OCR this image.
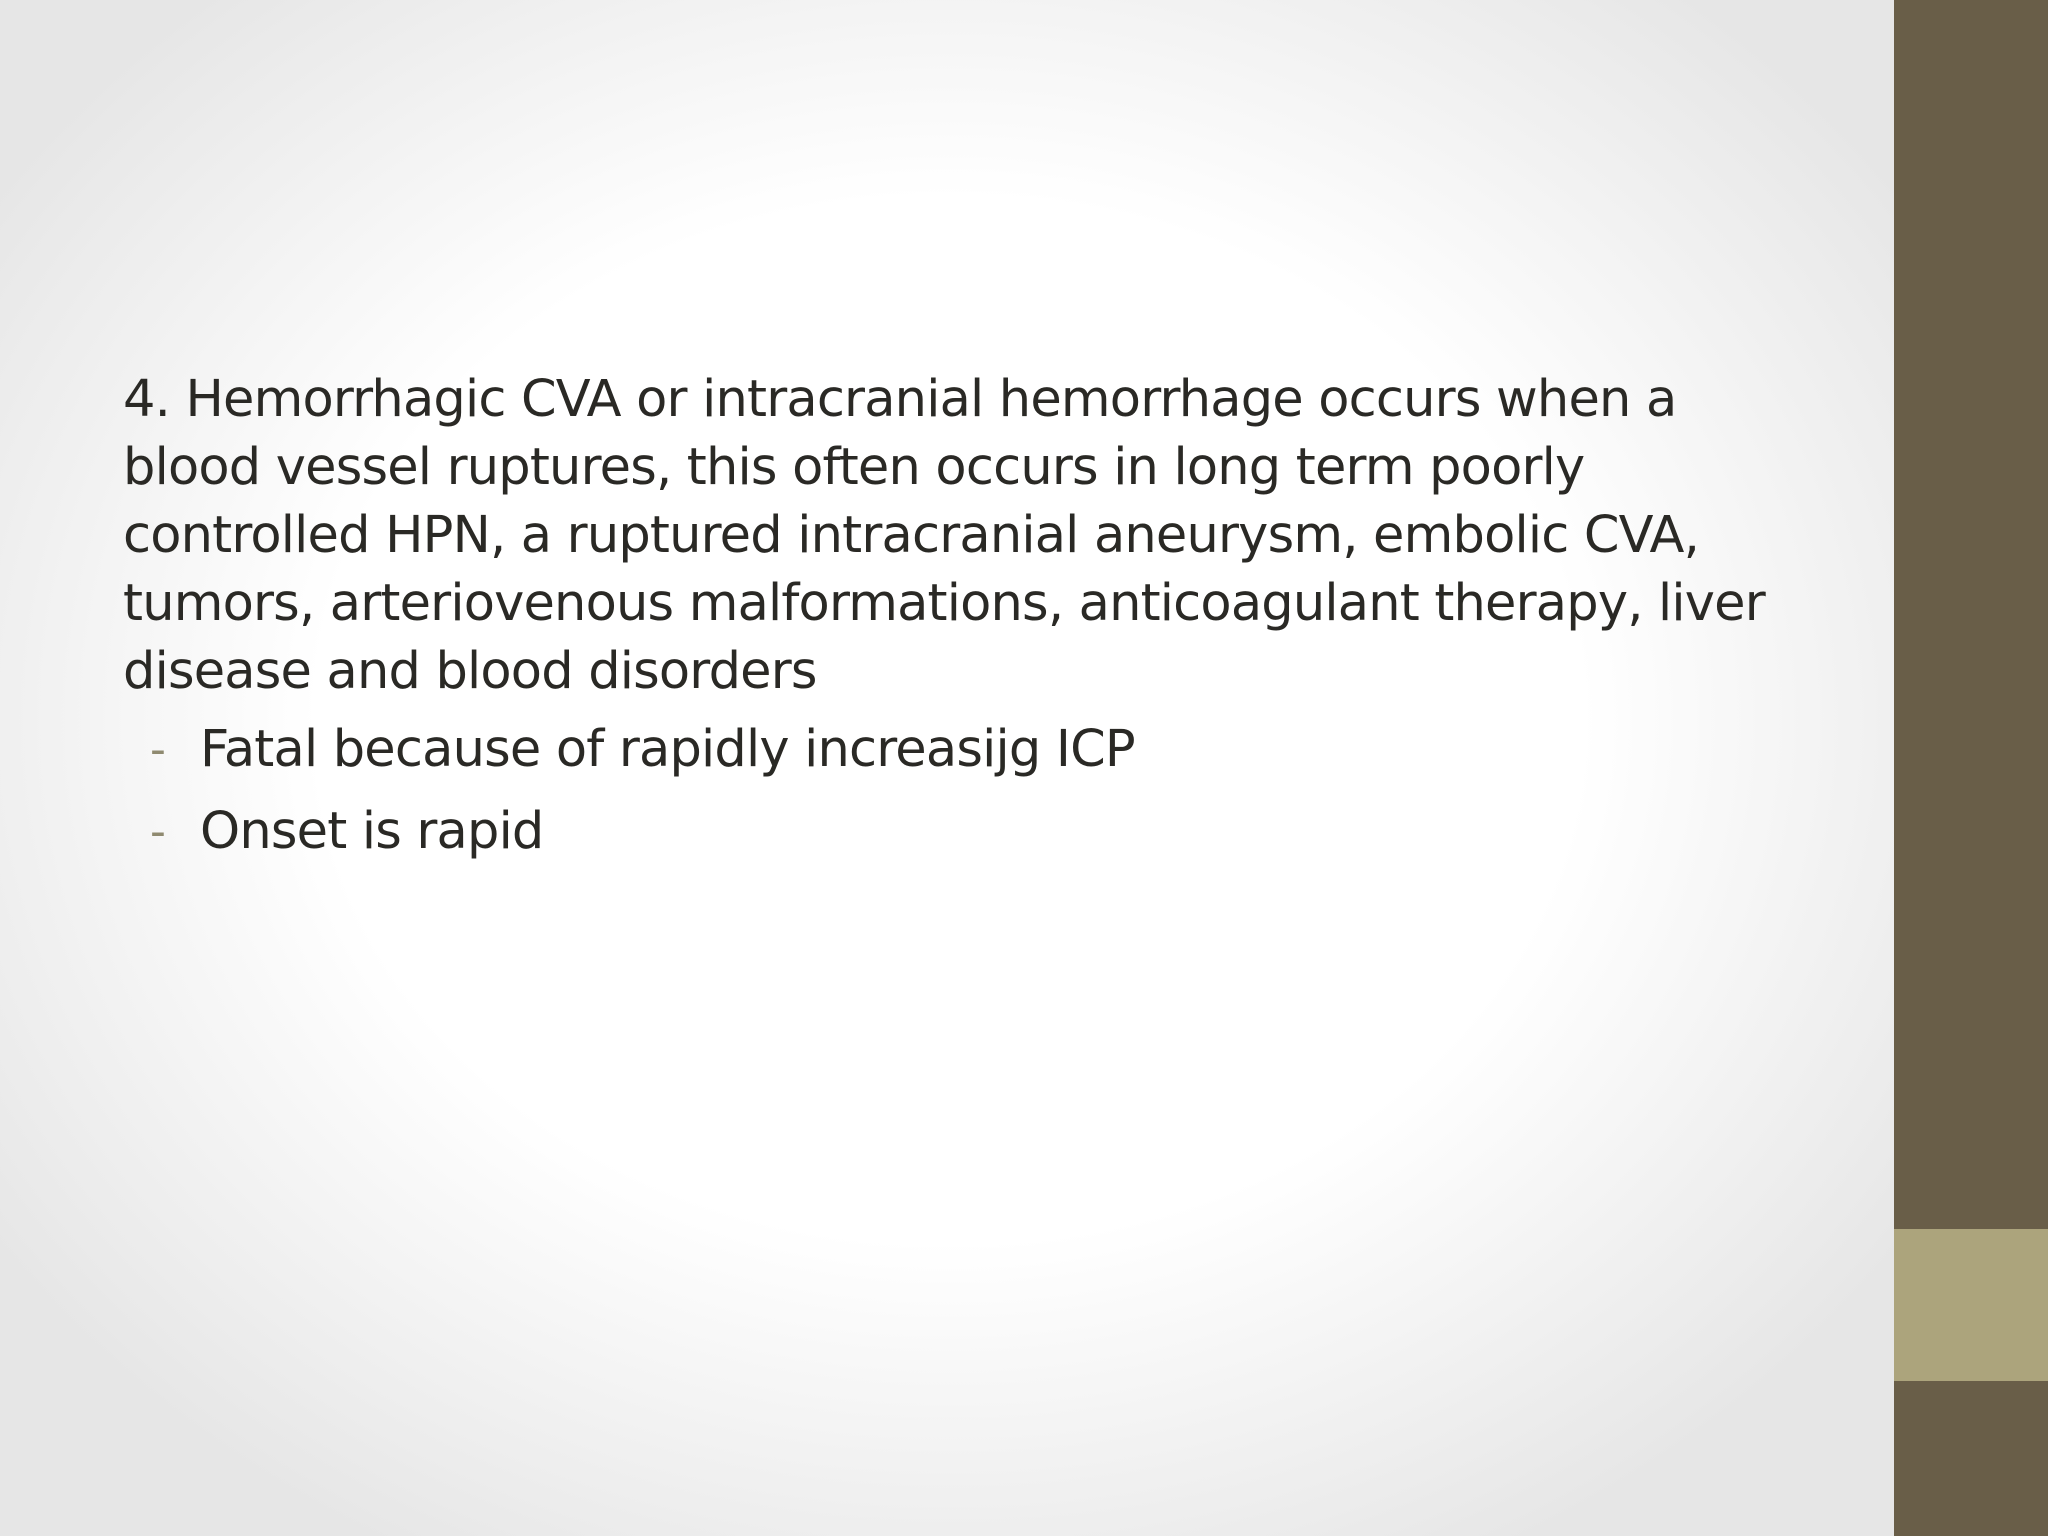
4. Hemorrhagic CVA or intracranial hemorrhage occurs when a blood vessel ruptures, this often occurs in long term poorly controlled HPN, a ruptured intracranial aneurysm, embolic CVA, tumors, arteriovenous malformations, anticoagulant therapy, liver disease and blood disorders

- Fatal because of rapidly increasijg ICP
- Onset is rapid
